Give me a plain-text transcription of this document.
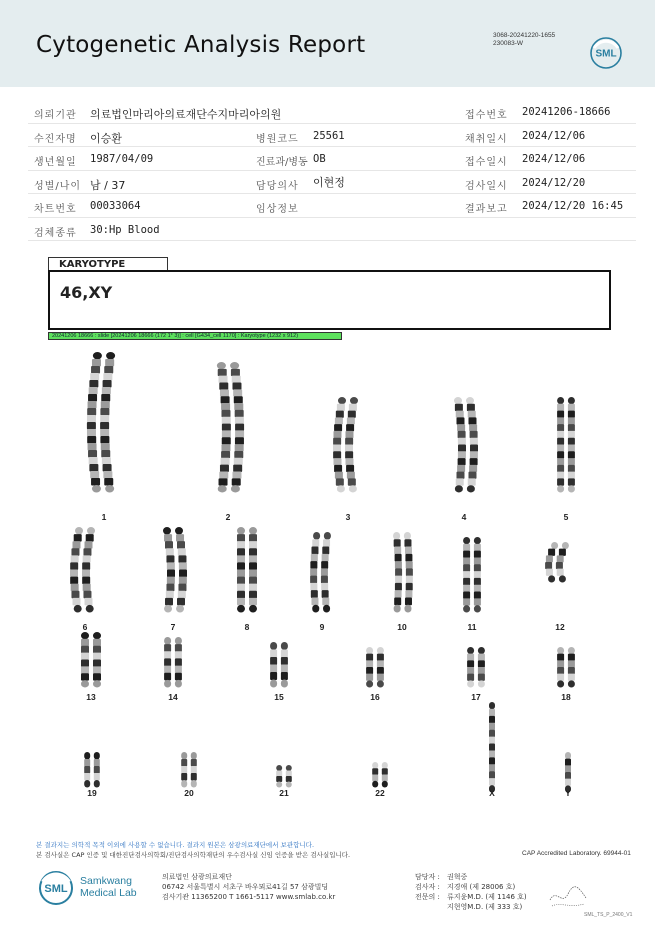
Cytogenetic Analysis Report	3068-20241220-1655
230083-W
SML
의뢰기관 의료법인마리아의료재단수지마리아의원	접수번호 20241206-18666
수진자명 이승환	병원코드 25561	채취일시 2024/12/06
생년월일 1987/04/09	진료과/병동 OB	접수일시 2024/12/06
성별/나이 남 / 37	담당의사 이현정	검사일시 2024/12/20
차트번호 00033064	임상정보	결과보고 2024/12/20 16:45
검체종류 30:Hp Blood
KARYOTYPE
46,XY
20241206 18666 : slide [20241206 18666 (172 1* 3)] : cell [G434_cell 1170] : Karyotype (1232 x 912)
1	2	3	4	5
6	7	8	9	10	11	12
13	14	15	16	17	18
19	20	21	22	X	Y
본 결과지는 의학적 목적 이외에 사용할 수 없습니다. 결과지 원본은 삼광의료재단에서 보관합니다.
본 검사실은 CAP 인증 및 대한진단검사의학회/진단검사의학재단의 우수검사실 신임 인증을 받은 검사실입니다.	CAP Accredited Laboratory. 69944-01
SML
Samkwang
Medical Lab
의료법인 삼광의료재단
06742 서울특별시 서초구 바우뫼로41길 57 삼광빌딩
검사기관 11365200 T 1661-5117 www.smlab.co.kr
담당자 : 권혁중
검사자 : 지경애 (제 28006 호)
전문의 : 류지윤M.D. (제 1146 호)
지현영M.D. (제 333 호)
SML_TS_P_2400_V1
